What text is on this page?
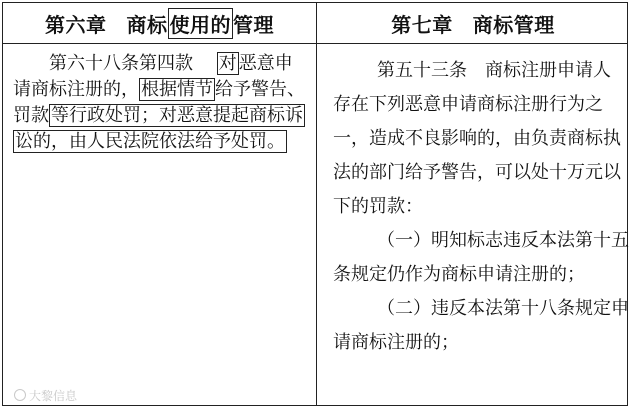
第六章 商标 使用的 管理	第七章 商标管理
第六十八条第四款 对 恶意申
请商标注册的， 根据情节 给予警告、
罚款 等行政处罚；对恶意提起商标诉
讼的，由人民法院依法给予处罚。
第五十三条　商标注册申请人
存在下列恶意申请商标注册行为之
一，造成不良影响的，由负责商标执
法的部门给予警告，可以处十万元以
下的罚款：
（一）明知标志违反本法第十五
条规定仍作为商标申请注册的；
（二）违反本法第十八条规定申
请商标注册的；
大黎信息
